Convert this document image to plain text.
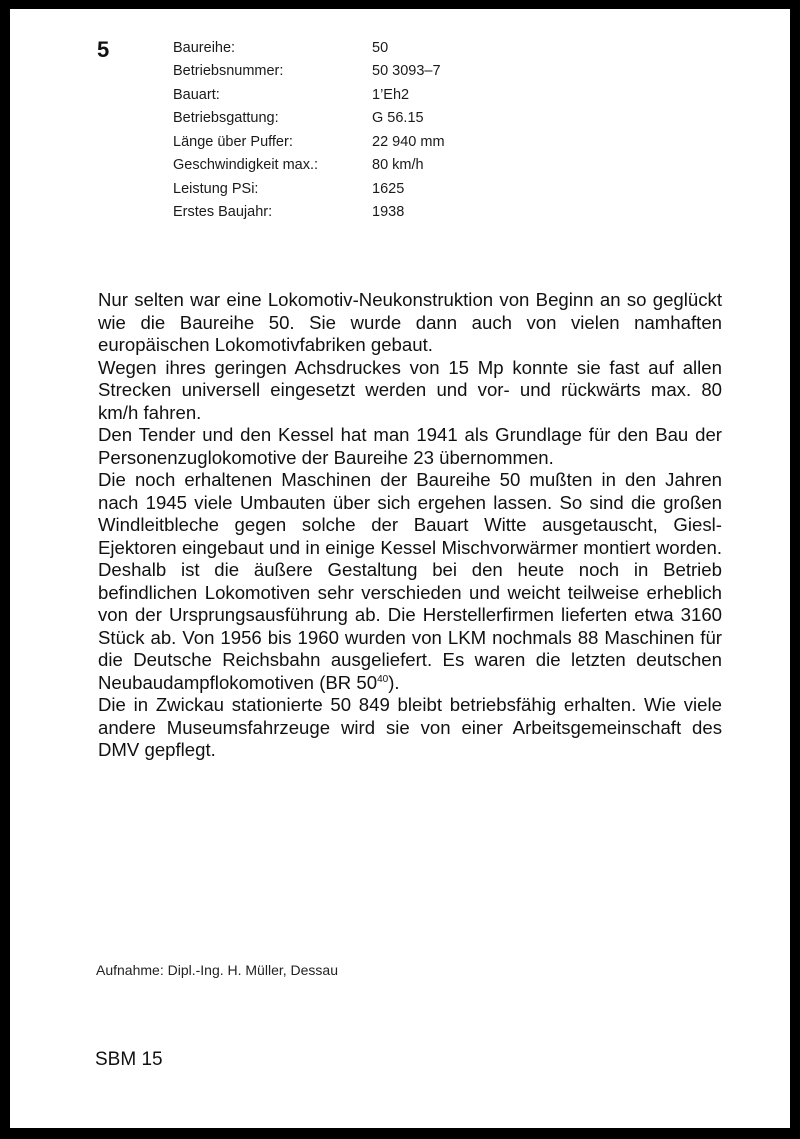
5	Baureihe:	50
Betriebsnummer:	50 3093–7
Bauart:	1’Eh2
Betriebsgattung:	G 56.15
Länge über Puffer:	22 940 mm
Geschwindigkeit max.:	80 km/h
Leistung PSi:	1625
Erstes Baujahr:	1938

Nur selten war eine Lokomotiv-Neukonstruktion von Beginn an so geglückt wie die Baureihe 50. Sie wurde dann auch von vielen namhaften europäischen Lokomotivfabriken gebaut.

Wegen ihres geringen Achsdruckes von 15 Mp konnte sie fast auf allen Strecken universell eingesetzt werden und vor- und rückwärts max. 80 km/h fahren.

Den Tender und den Kessel hat man 1941 als Grundlage für den Bau der Personenzuglokomotive der Baureihe 23 übernommen.

Die noch erhaltenen Maschinen der Baureihe 50 mußten in den Jahren nach 1945 viele Umbauten über sich ergehen lassen. So sind die großen Windleitbleche gegen solche der Bauart Witte ausgetauscht, Giesl-Ejektoren eingebaut und in einige Kessel Mischvorwärmer montiert worden. Deshalb ist die äußere Gestaltung bei den heute noch in Betrieb befindlichen Lokomotiven sehr verschieden und weicht teilweise erheblich von der Ursprungsausführung ab. Die Herstellerfirmen lieferten etwa 3160 Stück ab. Von 1956 bis 1960 wurden von LKM nochmals 88 Maschinen für die Deutsche Reichsbahn ausgeliefert. Es waren die letzten deutschen Neubaudampflokomotiven (BR $50^{40}$).

Die in Zwickau stationierte 50 849 bleibt betriebsfähig erhalten. Wie viele andere Museumsfahrzeuge wird sie von einer Arbeitsgemeinschaft des DMV gepflegt.

Aufnahme: Dipl.-Ing. H. Müller, Dessau
SBM 15
